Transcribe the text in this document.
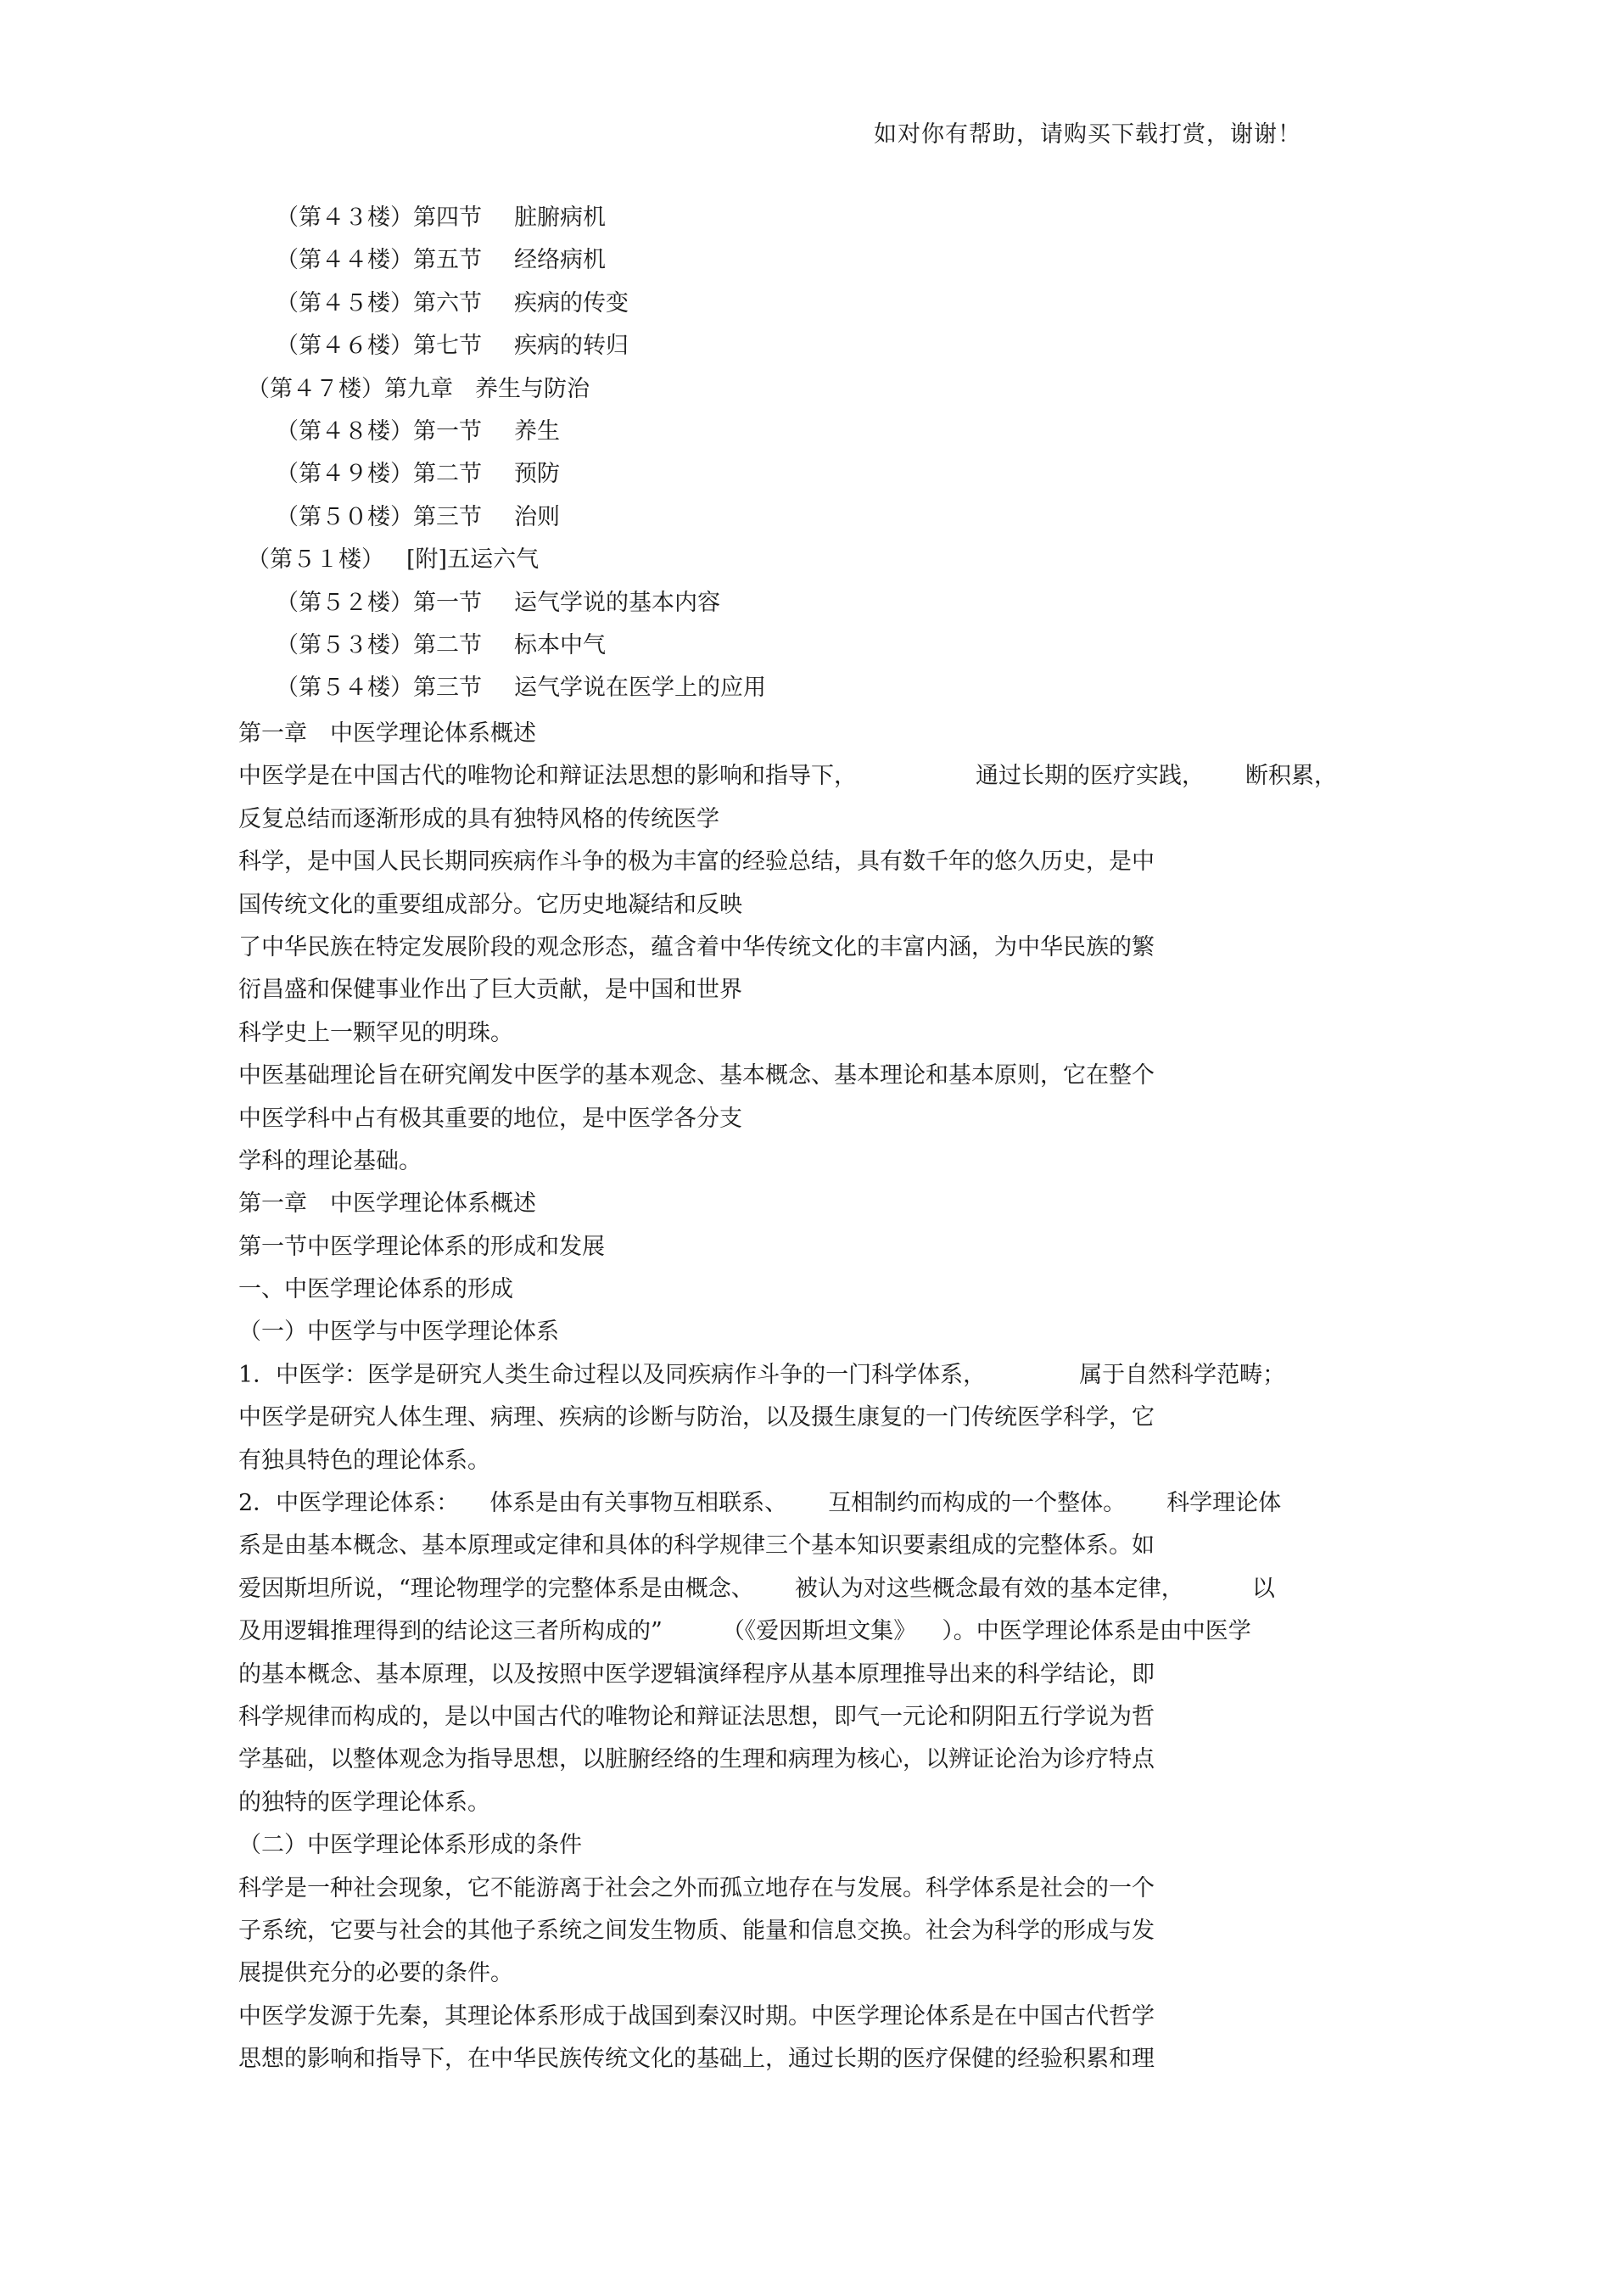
如对你有帮助，请购买下载打赏，谢谢！
（第４３楼）第四节 脏腑病机
（第４４楼）第五节 经络病机
（第４５楼）第六节 疾病的传变
（第４６楼）第七节 疾病的转归
（第４７楼）第九章 养生与防治
（第４８楼）第一节 养生
（第４９楼）第二节 预防
（第５０楼）第三节 治则
（第５１楼） [附]五运六气
（第５２楼）第一节 运气学说的基本内容
（第５３楼）第二节 标本中气
（第５４楼）第三节 运气学说在医学上的应用
第一章　中医学理论体系概述
中医学是在中国古代的唯物论和辩证法思想的影响和指导下，	通过长期的医疗实践， 断积累，
反复总结而逐渐形成的具有独特风格的传统医学
科学，是中国人民长期同疾病作斗争的极为丰富的经验总结，具有数千年的悠久历史，是中
国传统文化的重要组成部分。它历史地凝结和反映
了中华民族在特定发展阶段的观念形态，蕴含着中华传统文化的丰富内涵，为中华民族的繁
衍昌盛和保健事业作出了巨大贡献，是中国和世界
科学史上一颗罕见的明珠。
中医基础理论旨在研究阐发中医学的基本观念、基本概念、基本理论和基本原则，它在整个
中医学科中占有极其重要的地位，是中医学各分支
学科的理论基础。
第一章　中医学理论体系概述
第一节中医学理论体系的形成和发展
一、中医学理论体系的形成
（一）中医学与中医学理论体系
1．中医学：医学是研究人类生命过程以及同疾病作斗争的一门科学体系，	属于自然科学范畴；
中医学是研究人体生理、病理、疾病的诊断与防治，以及摄生康复的一门传统医学科学，它
有独具特色的理论体系。
2．中医学理论体系： 体系是由有关事物互相联系、 互相制约而构成的一个整体。 科学理论体
系是由基本概念、基本原理或定律和具体的科学规律三个基本知识要素组成的完整体系。如
爱因斯坦所说，“理论物理学的完整体系是由概念、 被认为对这些概念最有效的基本定律，	以
及用逻辑推理得到的结论这三者所构成的”	（《爱因斯坦文集》 ）。中医学理论体系是由中医学
的基本概念、基本原理，以及按照中医学逻辑演绎程序从基本原理推导出来的科学结论，即
科学规律而构成的，是以中国古代的唯物论和辩证法思想，即气一元论和阴阳五行学说为哲
学基础，以整体观念为指导思想，以脏腑经络的生理和病理为核心，以辨证论治为诊疗特点
的独特的医学理论体系。
（二）中医学理论体系形成的条件
科学是一种社会现象，它不能游离于社会之外而孤立地存在与发展。科学体系是社会的一个
子系统，它要与社会的其他子系统之间发生物质、能量和信息交换。社会为科学的形成与发
展提供充分的必要的条件。
中医学发源于先秦，其理论体系形成于战国到秦汉时期。中医学理论体系是在中国古代哲学
思想的影响和指导下，在中华民族传统文化的基础上，通过长期的医疗保健的经验积累和理
